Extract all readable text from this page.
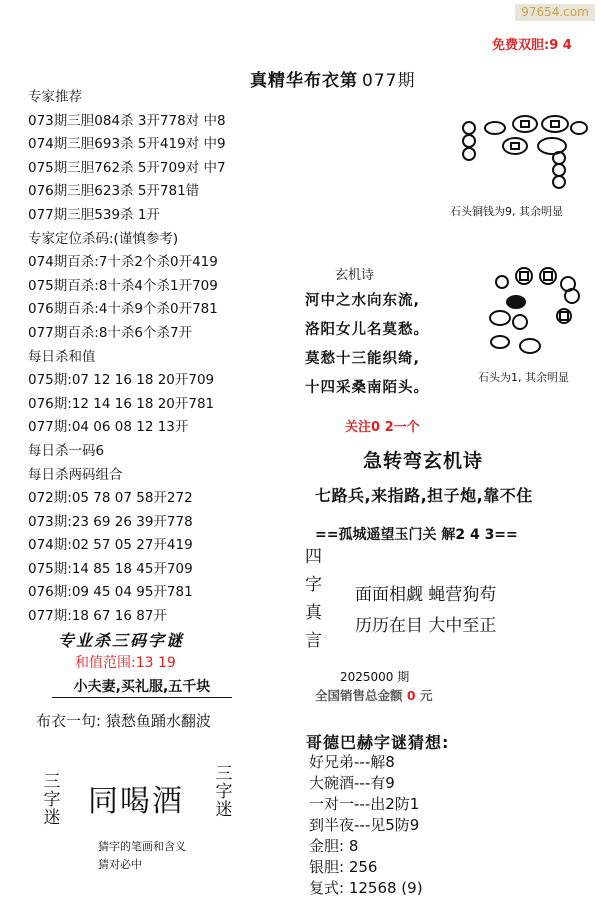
97654.com
免费双胆:9 4
真精华布衣第 077期
专家推荐
073期三胆084杀 3开778对 中8
074期三胆693杀 5开419对 中9
075期三胆762杀 5开709对 中7
076期三胆623杀 5开781错
077期三胆539杀 1开
专家定位杀码:(谨慎参考)
074期百杀:7十杀2个杀0开419
075期百杀:8十杀4个杀1开709
076期百杀:4十杀9个杀0开781
077期百杀:8十杀6个杀7开
每日杀和值
075期:07 12 16 18 20开709
076期:12 14 16 18 20开781
077期:04 06 08 12 13开
每日杀一码6
每日杀两码组合
072期:05 78 07 58开272
073期:23 69 26 39开778
074期:02 57 05 27开419
075期:14 85 18 45开709
076期:09 45 04 95开781
077期:18 67 16 87开
专业杀三码字谜
和值范围:13 19
小夫妻,买礼服,五千块
布衣一句: 猿愁鱼踊水翻波
三字迷 同喝酒
三字迷
猜字的笔画和含义
猜对必中
石头铜钱为9, 其余明显
玄机诗
河中之水向东流,
洛阳女儿名莫愁。
莫愁十三能织绮,
十四采桑南陌头。
石头为1, 其余明显
关注0 2一个
急转弯玄机诗
七路兵,来指路,担子炮,靠不住
==孤城遥望玉门关 解2 4 3==
四
字
真
言
面面相觑 蝇营狗苟
历历在目 大中至正
2025000 期
全国销售总金额 0 元
哥德巴赫字谜猜想:
好兄弟---解8
大碗酒---有9
一对一---出2防1
到半夜---见5防9
金胆: 8
银胆: 256
复式: 12568 (9)
